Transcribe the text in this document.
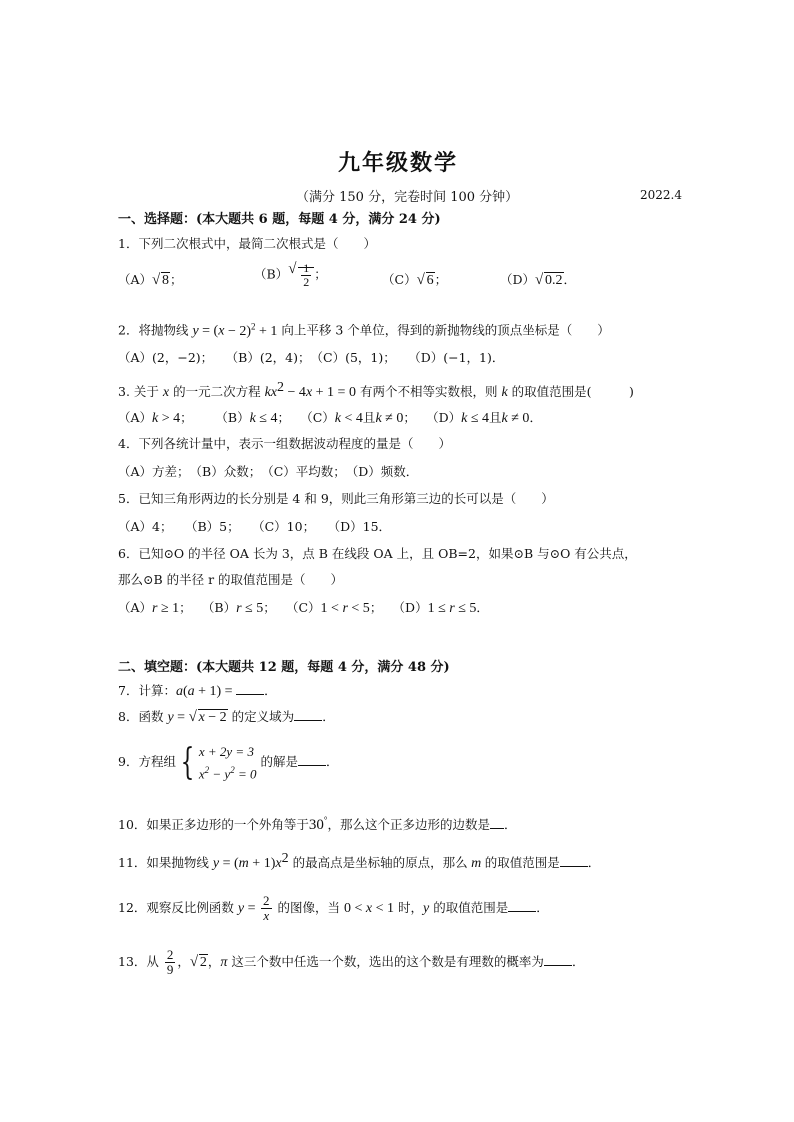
九年级数学
（满分 150 分，完卷时间 100 分钟）	2022.4
一、选择题：(本大题共 6 题，每题 4 分，满分 24 分)
1．下列二次根式中，最简二次根式是（　　）
（A） √ 8；	（B） √ $\frac{1}{2}$ ；	（C） √ 6；	（D） √ 0.2．
2．将抛物线 $y = (x - 2)^2 + 1$ 向上平移 3 个单位，得到的新抛物线的顶点坐标是（　　）
（A）(2，−2)；　　（B）(2，4)；　（C）(5，1)；　　（D）(−1，1)．
3. 关于 x 的一元二次方程 $kx^2 - 4x + 1 = 0$ 有两个不相等实数根，则 k 的取值范围是(　　　)
（A）k > 4；　　 （B）k ≤ 4；　 （C）k < 4且k ≠ 0；　 （D）k ≤ 4且k ≠ 0．
4．下列各统计量中，表示一组数据波动程度的量是（　　）
（A）方差；　（B）众数；　（C）平均数；　（D）频数．
5．已知三角形两边的长分别是 4 和 9，则此三角形第三边的长可以是（　　）
（A）4；　　（B）5；　　（C）10；　　（D）15．
6．已知⊙O 的半径 OA 长为 3，点 B 在线段 OA 上，且 OB=2，如果⊙B 与⊙O 有公共点，
那么⊙B 的半径 r 的取值范围是（　　）
（A）r ≥ 1；　 （B）r ≤ 5；　 （C）1 < r < 5；　 （D）1 ≤ r ≤ 5．
二、填空题：(本大题共 12 题，每题 4 分，满分 48 分)
7．计算：a(a + 1) = ．
8．函数 y = √ x − 2 的定义域为 ．
9．方程组 { x + 2y = 3
$x^2 - y^2 = 0$
的解是 ．
10．如果正多边形的一个外角等于30°，那么这个正多边形的边数是 ．
11．如果抛物线 $y = (m + 1)x^2$ 的最高点是坐标轴的原点，那么 m 的取值范围是 ．
12．观察反比例函数 $y = \frac{2}{x}$ 的图像，当 0 < x < 1 时，y 的取值范围是 ．
13．从 $\frac{2}{9}$ ， √ 2，π 这三个数中任选一个数，选出的这个数是有理数的概率为 ．
